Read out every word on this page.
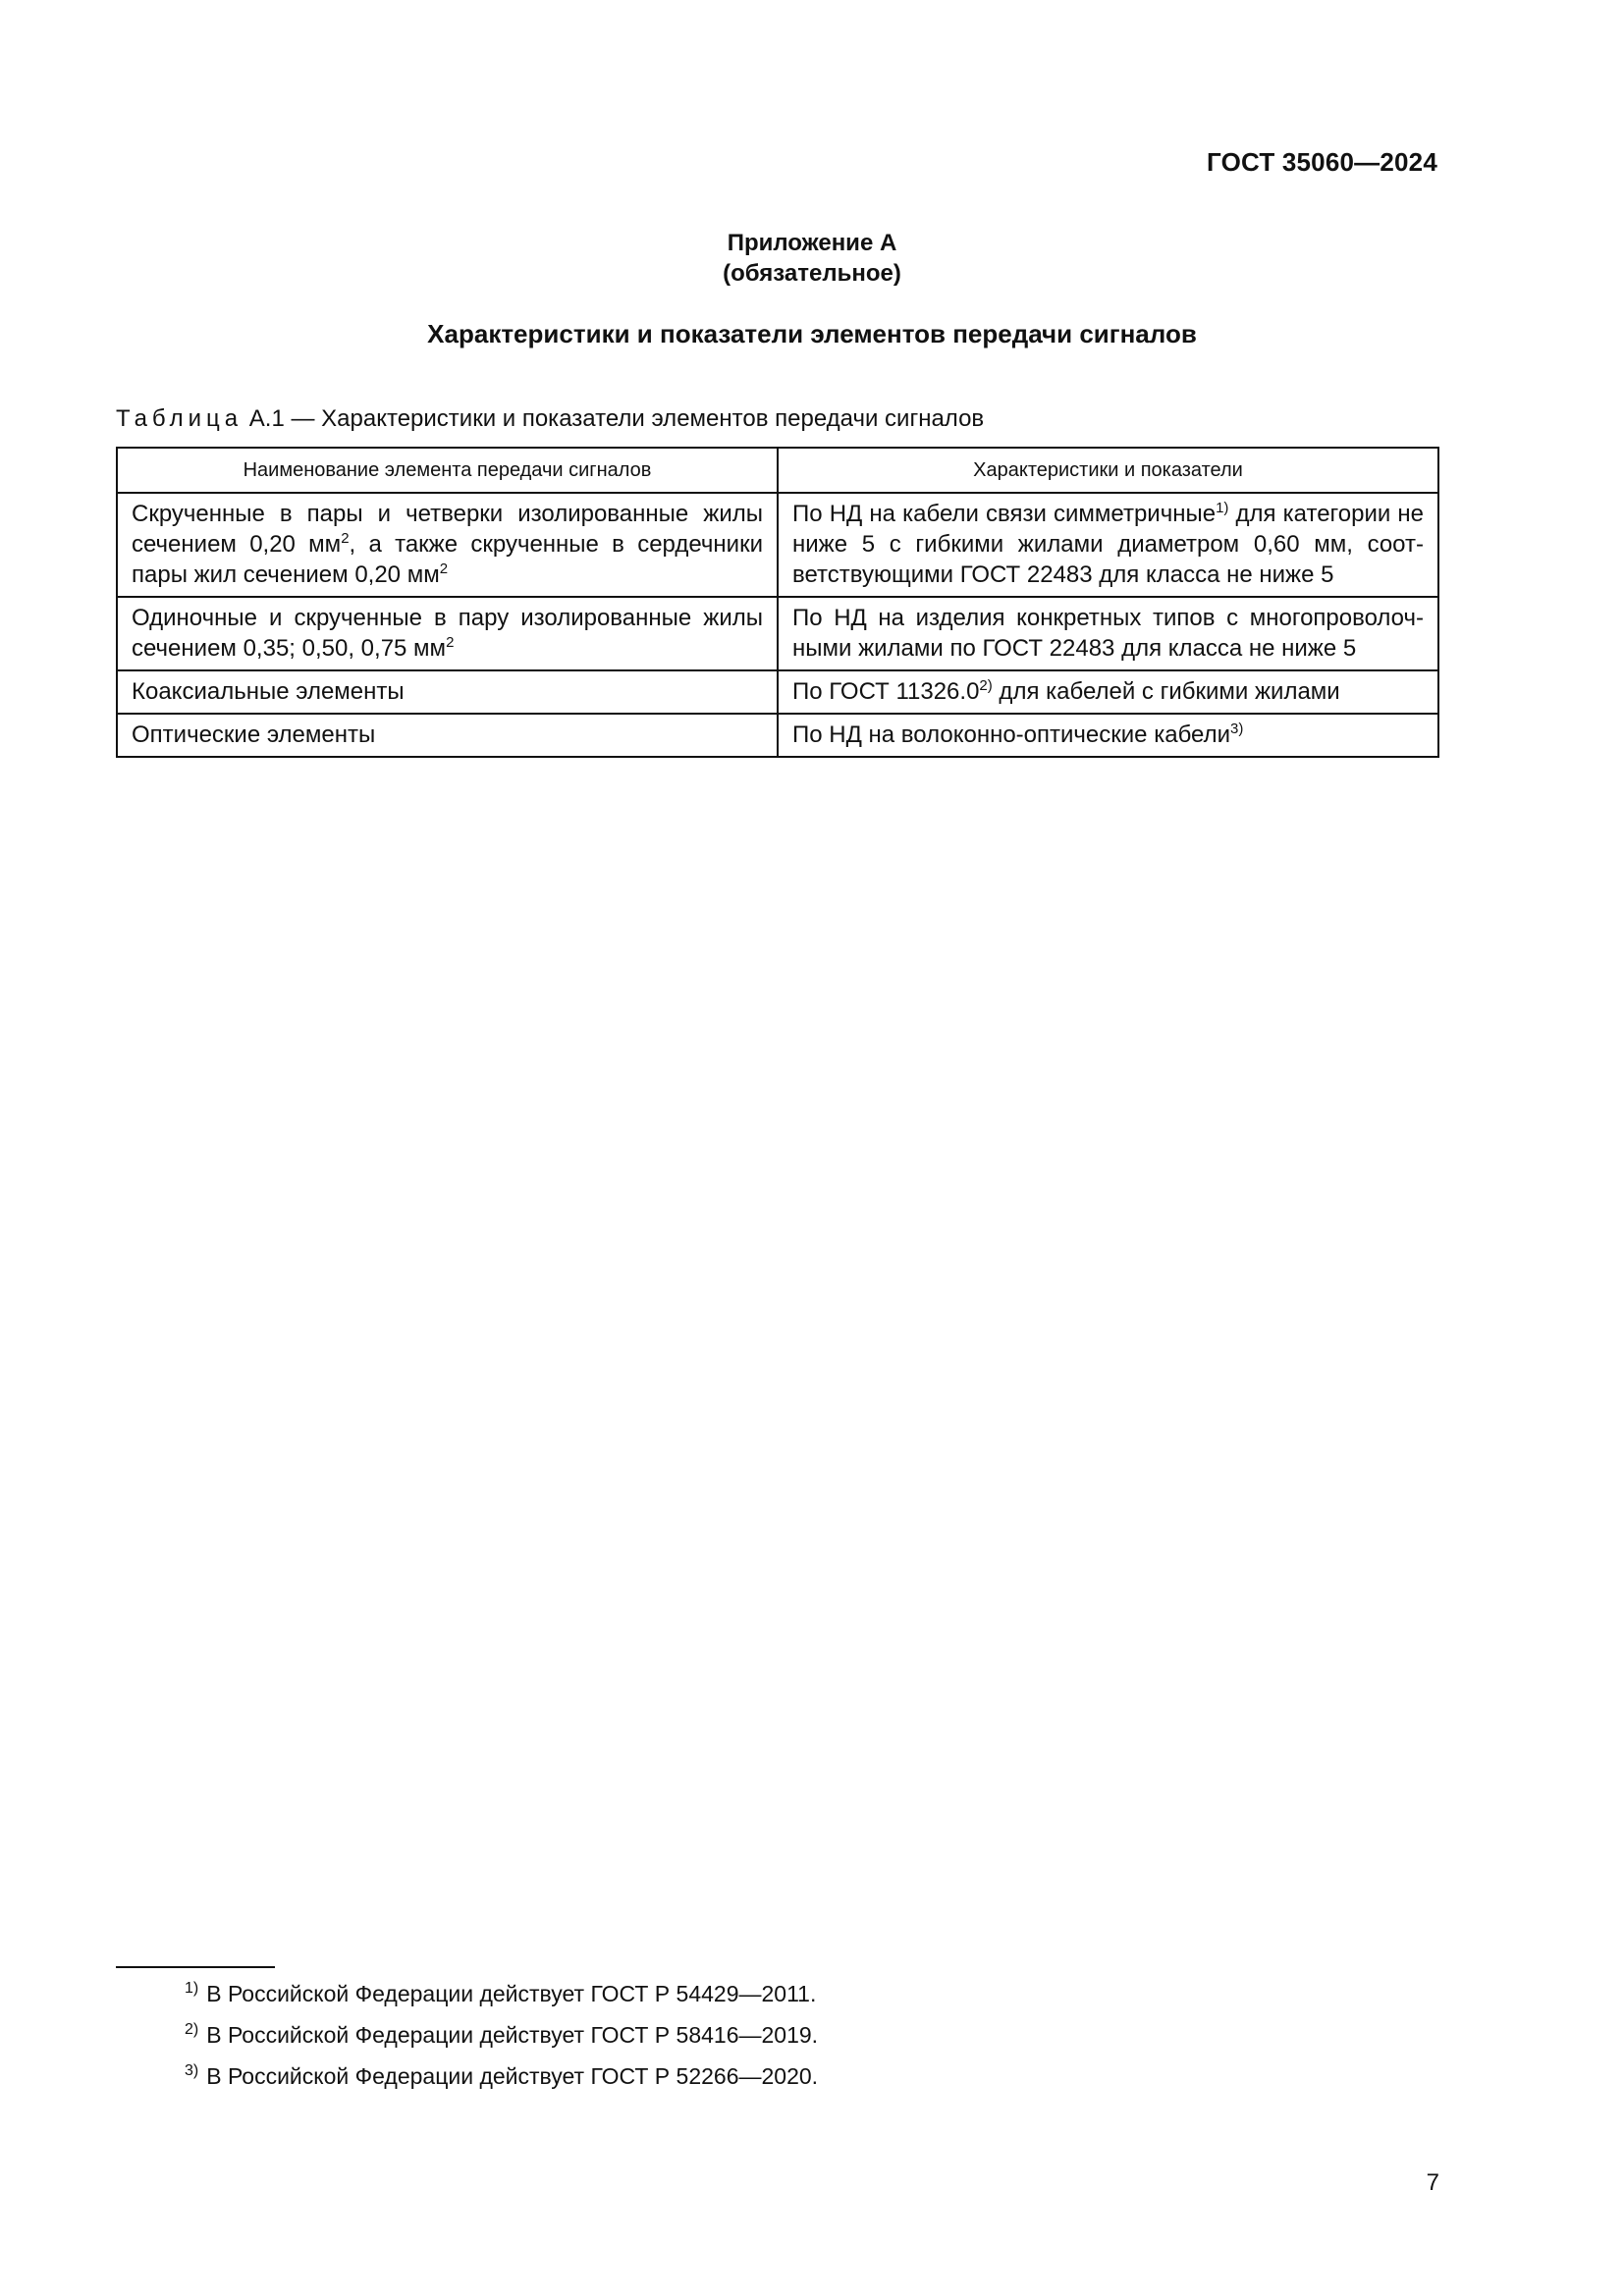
ГОСТ 35060—2024
Приложение А
(обязательное)
Характеристики и показатели элементов передачи сигналов
Таблица А.1 — Характеристики и показатели элементов передачи сигналов
Наименование элемента передачи сигналов	Характеристики и показатели
Скрученные в пары и четверки изолированные жилы сечением 0,20 $мм^2$, а также скрученные в сердечники пары жил сечением 0,20 $мм^2$	По НД на кабели связи симметричные$^{1)}$ для категории не ниже 5 с гибкими жилами диаметром 0,60 мм, соответствующими ГОСТ 22483 для класса не ниже 5
Одиночные и скрученные в пару изолированные жилы сечением 0,35; 0,50, 0,75 $мм^2$	По НД на изделия конкретных типов с многопроволочными жилами по ГОСТ 22483 для класса не ниже 5
Коаксиальные элементы	По ГОСТ 11326.0$^{2)}$ для кабелей с гибкими жилами
Оптические элементы	По НД на волоконно-оптические кабели$^{3)}$
$^{1)}$ В Российской Федерации действует ГОСТ Р 54429—2011.
$^{2)}$ В Российской Федерации действует ГОСТ Р 58416—2019.
$^{3)}$ В Российской Федерации действует ГОСТ Р 52266—2020.
7
